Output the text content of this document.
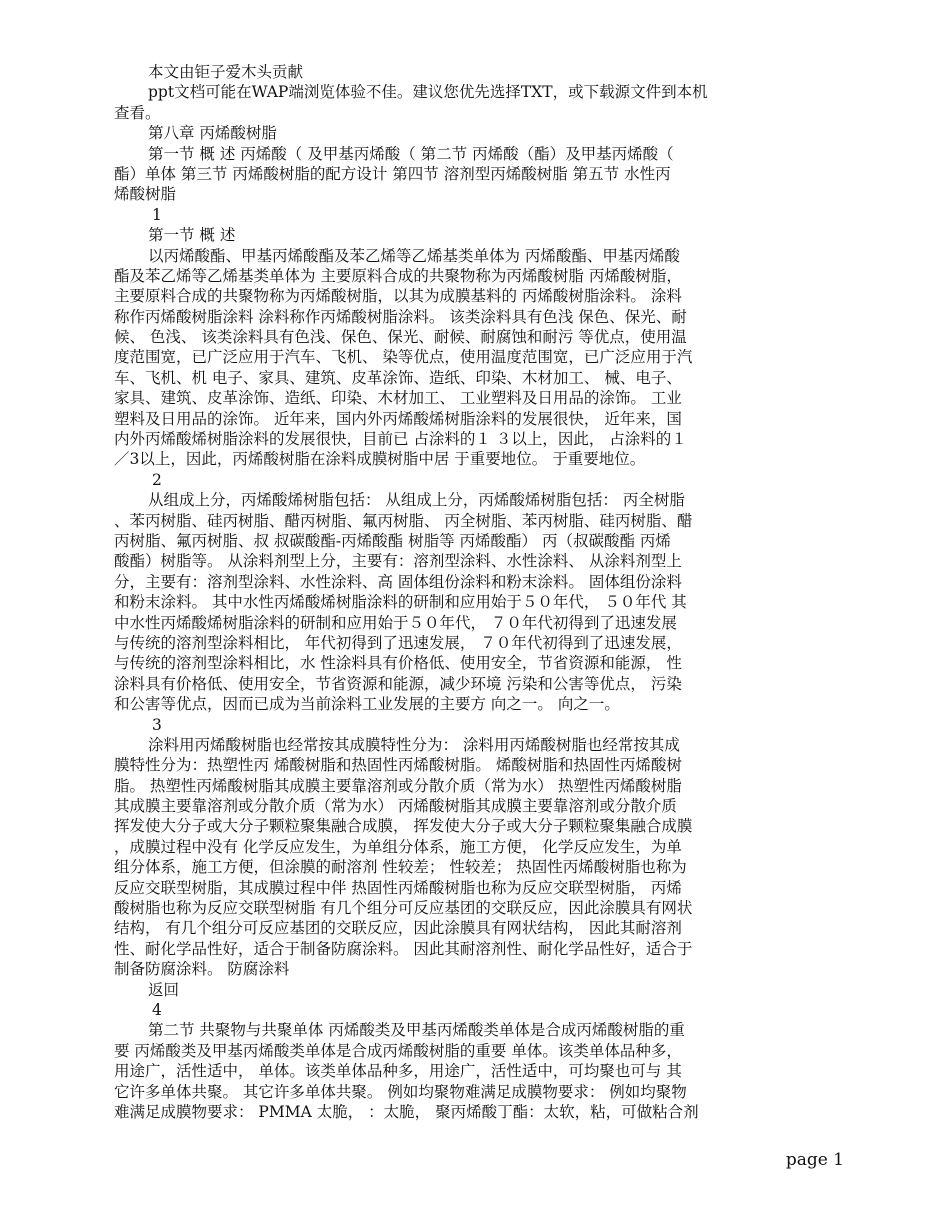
本文由钜子爱木头贡献
ppt文档可能在WAP端浏览体验不佳。建议您优先选择TXT，或下载源文件到本机
查看。
第八章 丙烯酸树脂
第一节 概 述 丙烯酸（ 及甲基丙烯酸（ 第二节 丙烯酸（酯）及甲基丙烯酸（
酯）单体 第三节 丙烯酸树脂的配方设计 第四节 溶剂型丙烯酸树脂 第五节 水性丙
烯酸树脂
1
第一节 概 述
以丙烯酸酯、甲基丙烯酸酯及苯乙烯等乙烯基类单体为 丙烯酸酯、甲基丙烯酸
酯及苯乙烯等乙烯基类单体为 主要原料合成的共聚物称为丙烯酸树脂 丙烯酸树脂，
主要原料合成的共聚物称为丙烯酸树脂，以其为成膜基料的 丙烯酸树脂涂料。 涂料
称作丙烯酸树脂涂料 涂料称作丙烯酸树脂涂料。 该类涂料具有色浅 保色、保光、耐
候、 色浅、 该类涂料具有色浅、保色、保光、耐候、耐腐蚀和耐污 等优点，使用温
度范围宽，已广泛应用于汽车、飞机、 染等优点，使用温度范围宽，已广泛应用于汽
车、飞机、机 电子、家具、建筑、皮革涂饰、造纸、印染、木材加工、 械、电子、
家具、建筑、皮革涂饰、造纸、印染、木材加工、 工业塑料及日用品的涂饰。 工业
塑料及日用品的涂饰。 近年来，国内外丙烯酸烯树脂涂料的发展很快， 近年来，国
内外丙烯酸烯树脂涂料的发展很快，目前已 占涂料的１ ３以上，因此， 占涂料的１
／3以上，因此，丙烯酸树脂在涂料成膜树脂中居 于重要地位。 于重要地位。
2
从组成上分，丙烯酸烯树脂包括： 从组成上分，丙烯酸烯树脂包括： 丙全树脂
、苯丙树脂、硅丙树脂、醋丙树脂、氟丙树脂、 丙全树脂、苯丙树脂、硅丙树脂、醋
丙树脂、氟丙树脂、叔 叔碳酸酯-丙烯酸酯 树脂等 丙烯酸酯） 丙（叔碳酸酯 丙烯
酸酯）树脂等。 从涂料剂型上分，主要有：溶剂型涂料、水性涂料、 从涂料剂型上
分，主要有：溶剂型涂料、水性涂料、高 固体组份涂料和粉末涂料。 固体组份涂料
和粉末涂料。 其中水性丙烯酸烯树脂涂料的研制和应用始于５０年代， ５０年代 其
中水性丙烯酸烯树脂涂料的研制和应用始于５０年代， ７０年代初得到了迅速发展
与传统的溶剂型涂料相比， 年代初得到了迅速发展， ７０年代初得到了迅速发展，
与传统的溶剂型涂料相比，水 性涂料具有价格低、使用安全，节省资源和能源， 性
涂料具有价格低、使用安全，节省资源和能源，减少环境 污染和公害等优点， 污染
和公害等优点，因而已成为当前涂料工业发展的主要方 向之一。 向之一。
3
涂料用丙烯酸树脂也经常按其成膜特性分为： 涂料用丙烯酸树脂也经常按其成
膜特性分为：热塑性丙 烯酸树脂和热固性丙烯酸树脂。 烯酸树脂和热固性丙烯酸树
脂。 热塑性丙烯酸树脂其成膜主要靠溶剂或分散介质（常为水） 热塑性丙烯酸树脂
其成膜主要靠溶剂或分散介质（常为水） 丙烯酸树脂其成膜主要靠溶剂或分散介质
挥发使大分子或大分子颗粒聚集融合成膜， 挥发使大分子或大分子颗粒聚集融合成膜
，成膜过程中没有 化学反应发生，为单组分体系，施工方便， 化学反应发生，为单
组分体系，施工方便，但涂膜的耐溶剂 性较差； 性较差； 热固性丙烯酸树脂也称为
反应交联型树脂，其成膜过程中伴 热固性丙烯酸树脂也称为反应交联型树脂， 丙烯
酸树脂也称为反应交联型树脂 有几个组分可反应基团的交联反应，因此涂膜具有网状
结构， 有几个组分可反应基团的交联反应，因此涂膜具有网状结构， 因此其耐溶剂
性、耐化学品性好，适合于制备防腐涂料。 因此其耐溶剂性、耐化学品性好，适合于
制备防腐涂料。 防腐涂料
返回
4
第二节 共聚物与共聚单体 丙烯酸类及甲基丙烯酸类单体是合成丙烯酸树脂的重
要 丙烯酸类及甲基丙烯酸类单体是合成丙烯酸树脂的重要 单体。该类单体品种多，
用途广，活性适中， 单体。该类单体品种多，用途广，活性适中，可均聚也可与 其
它许多单体共聚。 其它许多单体共聚。 例如均聚物难满足成膜物要求： 例如均聚物
难满足成膜物要求： PMMA 太脆， ：太脆， 聚丙烯酸丁酯：太软，粘，可做粘合剂
page 1
